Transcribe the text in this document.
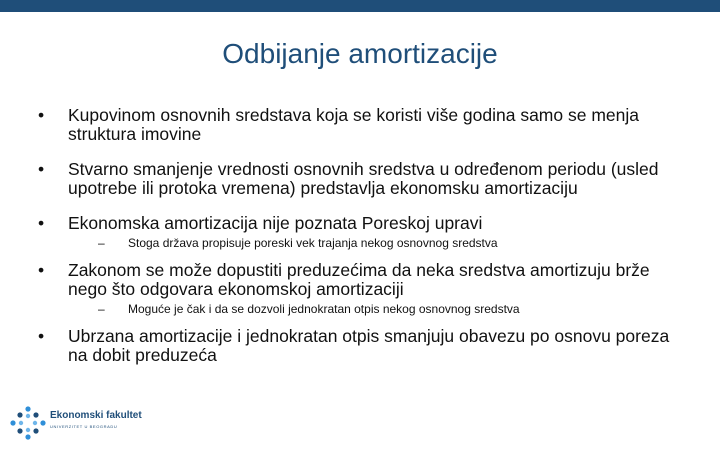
Odbijanje amortizacije
•	Kupovinom osnovnih sredstava koja se koristi više godina samo se menja struktura imovine
•	Stvarno smanjenje vrednosti osnovnih sredstva u određenom periodu (usled upotrebe ili protoka vremena) predstavlja ekonomsku amortizaciju
•	Ekonomska amortizacija nije poznata Poreskoj upravi
–	Stoga država propisuje poreski vek trajanja nekog osnovnog sredstva
•	Zakonom se može dopustiti preduzećima da neka sredstva amortizuju brže nego što odgovara ekonomskoj amortizaciji
–	Moguće je čak i da se dozvoli jednokratan otpis nekog osnovnog sredstva
•	Ubrzana amortizacije i jednokratan otpis smanjuju obavezu po osnovu poreza na dobit preduzeća
Ekonomski fakultet
UNIVERZITET U BEOGRADU
